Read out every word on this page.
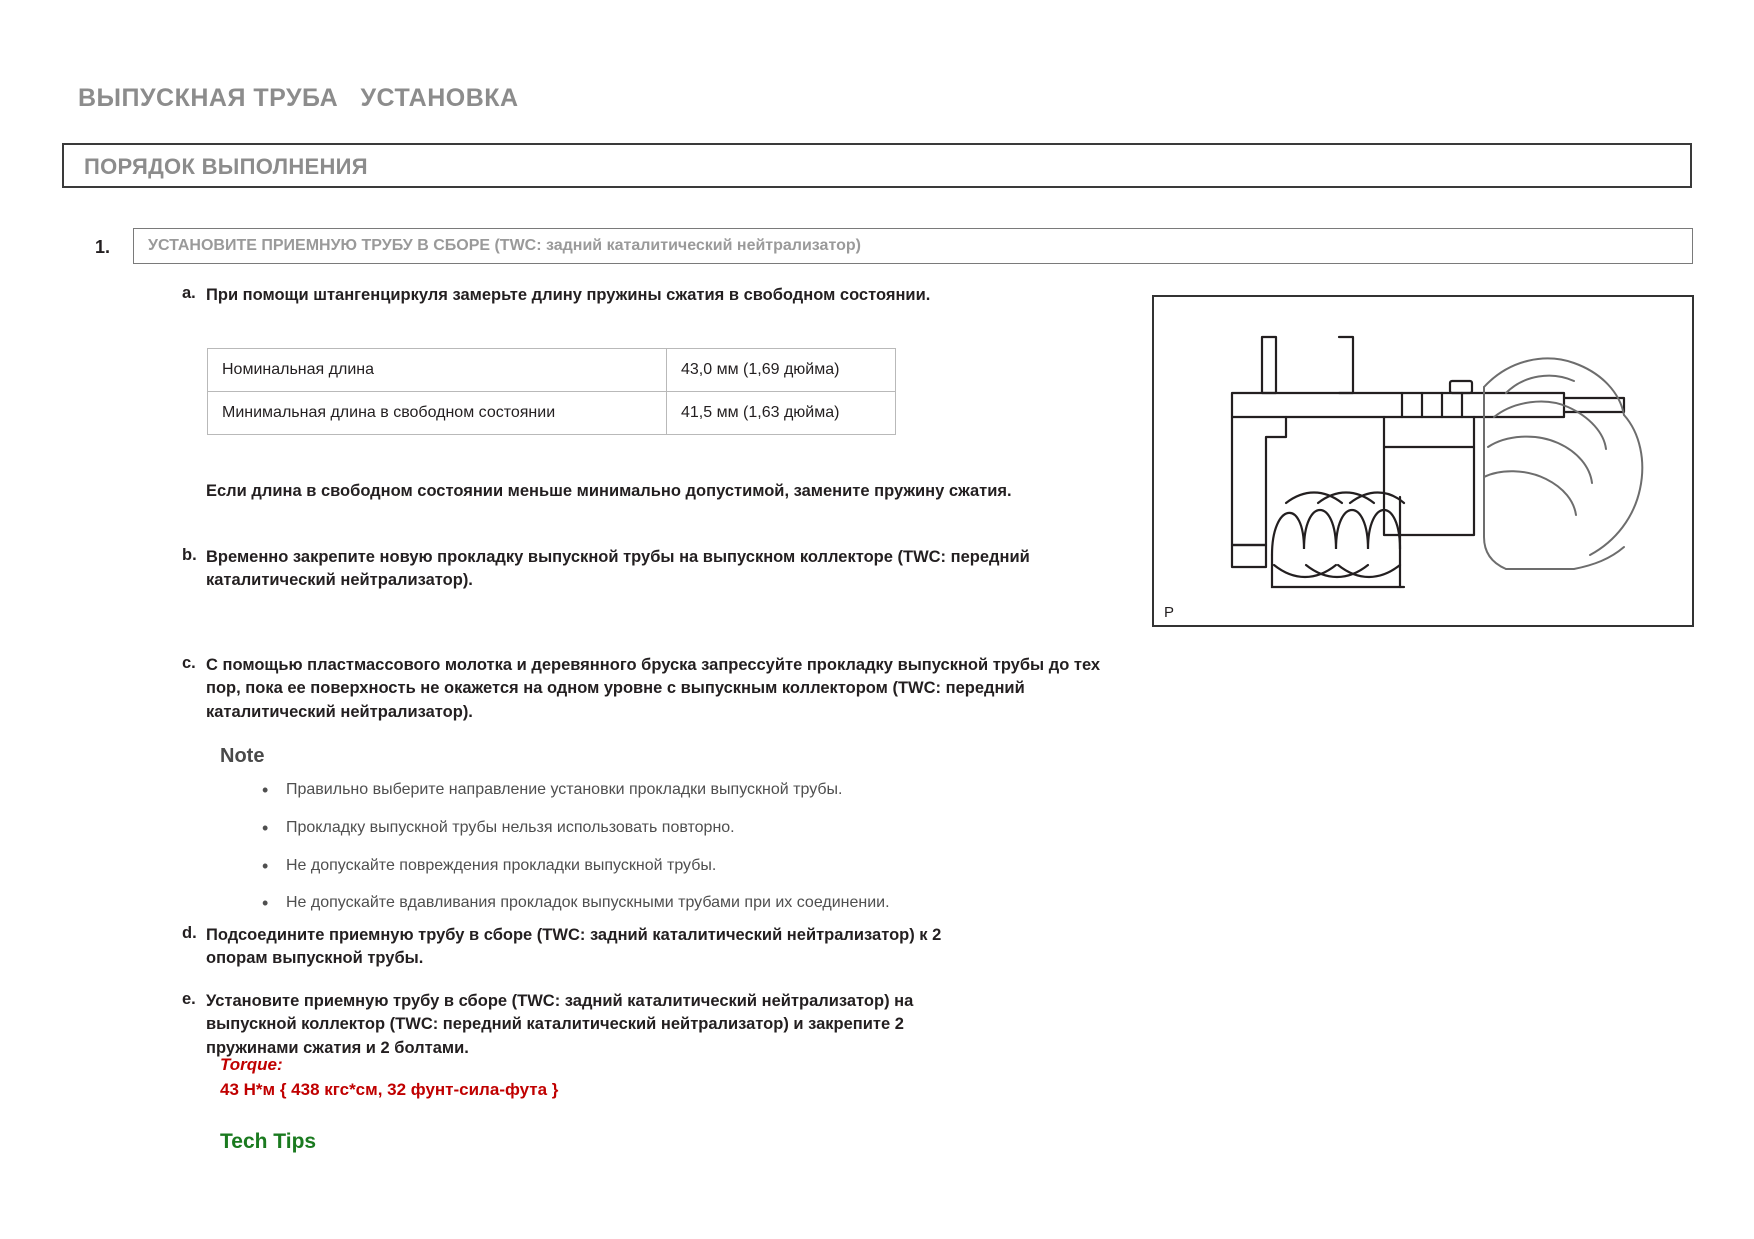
ВЫПУСКНАЯ ТРУБА   УСТАНОВКА
ПОРЯДОК ВЫПОЛНЕНИЯ
1. УСТАНОВИТЕ ПРИЕМНУЮ ТРУБУ В СБОРЕ (TWC: задний каталитический нейтрализатор)
a. При помощи штангенциркуля замерьте длину пружины сжатия в свободном состоянии.
Номинальная длина	43,0 мм (1,69 дюйма)
Минимальная длина в свободном состоянии	41,5 мм (1,63 дюйма)
Если длина в свободном состоянии меньше минимально допустимой, замените пружину сжатия.
b. Временно закрепите новую прокладку выпускной трубы на выпускном коллекторе (TWC: передний каталитический нейтрализатор).
c. С помощью пластмассового молотка и деревянного бруска запрессуйте прокладку выпускной трубы до тех пор, пока ее поверхность не окажется на одном уровне с выпускным коллектором (TWC: передний каталитический нейтрализатор).
Note
• Правильно выберите направление установки прокладки выпускной трубы.
• Прокладку выпускной трубы нельзя использовать повторно.
• Не допускайте повреждения прокладки выпускной трубы.
• Не допускайте вдавливания прокладок выпускными трубами при их соединении.
d. Подсоедините приемную трубу в сборе (TWC: задний каталитический нейтрализатор) к 2 опорам выпускной трубы.
e. Установите приемную трубу в сборе (TWC: задний каталитический нейтрализатор) на выпускной коллектор (TWC: передний каталитический нейтрализатор) и закрепите 2 пружинами сжатия и 2 болтами.
Torque:
43 Н*м { 438 кгс*см, 32 фунт-сила-фута }
Tech Tips
P
